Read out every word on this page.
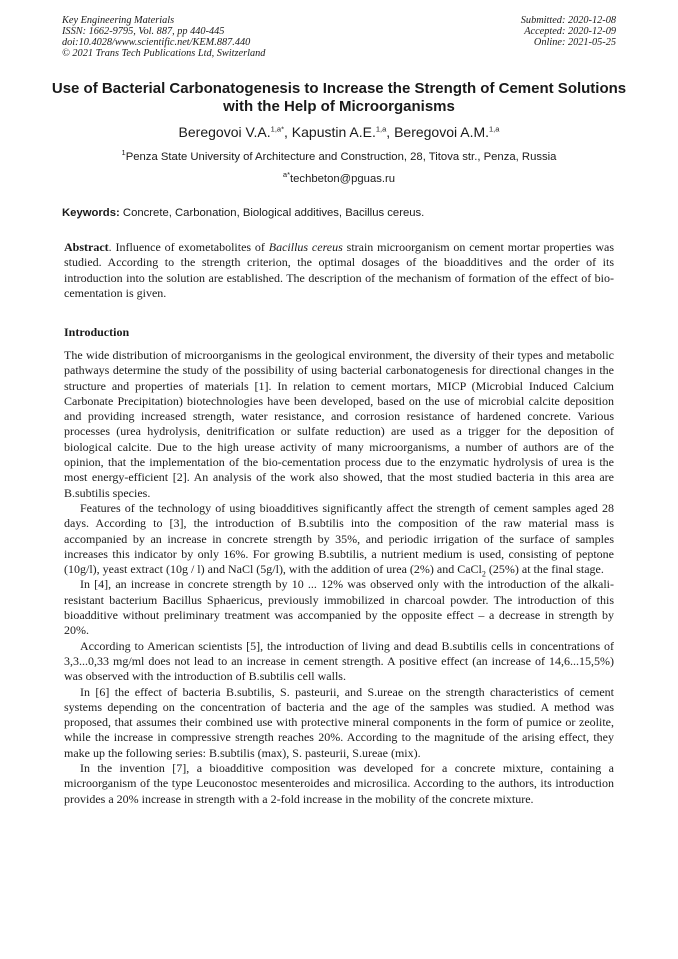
Key Engineering Materials
ISSN: 1662-9795, Vol. 887, pp 440-445
doi:10.4028/www.scientific.net/KEM.887.440
© 2021 Trans Tech Publications Ltd, Switzerland
Submitted: 2020-12-08
Accepted: 2020-12-09
Online: 2021-05-25
Use of Bacterial Carbonatogenesis to Increase the Strength of Cement Solutions with the Help of Microorganisms
Beregovoi V.A.$^{1,a*}$, Kapustin A.E.$^{1,a}$, Beregovoi A.M.$^{1,a}$
$^1$Penza State University of Architecture and Construction, 28, Titova str., Penza, Russia
$^{a*}$techbeton@pguas.ru
Keywords: Concrete, Carbonation, Biological additives, Bacillus cereus.

Abstract. Influence of exometabolites of Bacillus cereus strain microorganism on cement mortar properties was studied. According to the strength criterion, the optimal dosages of the bioadditives and the order of its introduction into the solution are established. The description of the mechanism of formation of the effect of bio-cementation is given.

Introduction

The wide distribution of microorganisms in the geological environment, the diversity of their types and metabolic pathways determine the study of the possibility of using bacterial carbonatogenesis for directional changes in the structure and properties of materials [1]. In relation to cement mortars, MICP (Microbial Induced Calcium Carbonate Precipitation) biotechnologies have been developed, based on the use of microbial calcite deposition and providing increased strength, water resistance, and corrosion resistance of hardened concrete. Various processes (urea hydrolysis, denitrification or sulfate reduction) are used as a trigger for the deposition of biological calcite. Due to the high urease activity of many microorganisms, a number of authors are of the opinion, that the implementation of the bio-cementation process due to the enzymatic hydrolysis of urea is the most energy-efficient [2]. An analysis of the work also showed, that the most studied bacteria in this area are B.subtilis species.

Features of the technology of using bioadditives significantly affect the strength of cement samples aged 28 days. According to [3], the introduction of B.subtilis into the composition of the raw material mass is accompanied by an increase in concrete strength by 35%, and periodic irrigation of the surface of samples increases this indicator by only 16%. For growing B.subtilis, a nutrient medium is used, consisting of peptone (10g/l), yeast extract (10g / l) and NaCl (5g/l), with the addition of urea (2%) and CaCl$_2$ (25%) at the final stage.

In [4], an increase in concrete strength by 10 ... 12% was observed only with the introduction of the alkali-resistant bacterium Bacillus Sphaericus, previously immobilized in charcoal powder. The introduction of this bioadditive without preliminary treatment was accompanied by the opposite effect – a decrease in strength by 20%.

According to American scientists [5], the introduction of living and dead B.subtilis cells in concentrations of 3,3...0,33 mg/ml does not lead to an increase in cement strength. A positive effect (an increase of 14,6...15,5%) was observed with the introduction of B.subtilis cell walls.

In [6] the effect of bacteria B.subtilis, S. pasteurii, and S.ureae on the strength characteristics of cement systems depending on the concentration of bacteria and the age of the samples was studied. A method was proposed, that assumes their combined use with protective mineral components in the form of pumice or zeolite, while the increase in compressive strength reaches 20%. According to the magnitude of the arising effect, they make up the following series: B.subtilis (max), S. pasteurii, S.ureae (mix).

In the invention [7], a bioadditive composition was developed for a concrete mixture, containing a microorganism of the type Leuconostoc mesenteroides and microsilica. According to the authors, its introduction provides a 20% increase in strength with a 2-fold increase in the mobility of the concrete mixture.
